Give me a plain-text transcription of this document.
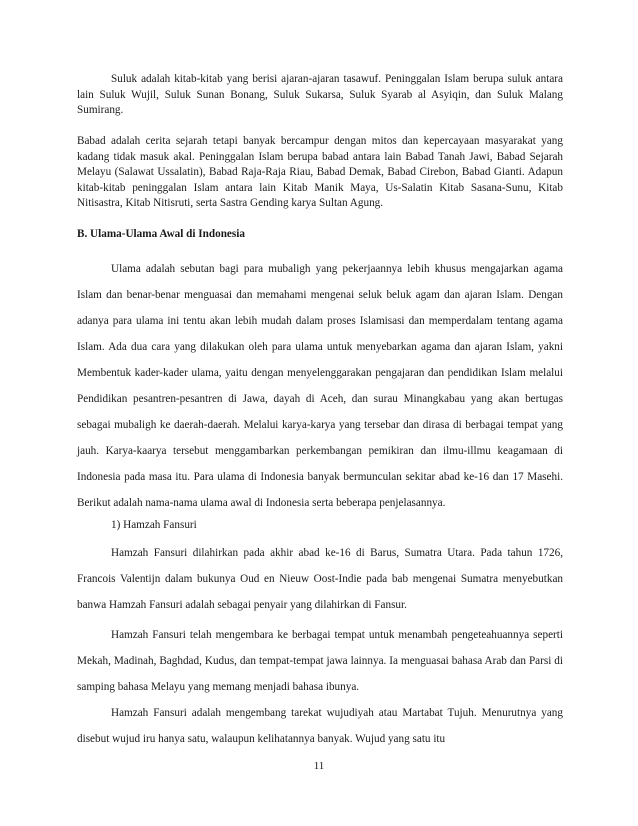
Suluk adalah kitab-kitab yang berisi ajaran-ajaran tasawuf. Peninggalan Islam berupa suluk antara lain Suluk Wujil, Suluk Sunan Bonang, Suluk Sukarsa, Suluk Syarab al Asyiqin, dan Suluk Malang Sumirang.

Babad adalah cerita sejarah tetapi banyak bercampur dengan mitos dan kepercayaan masyarakat yang kadang tidak masuk akal. Peninggalan Islam berupa babad antara lain Babad Tanah Jawi, Babad Sejarah Melayu (Salawat Ussalatin), Babad Raja-Raja Riau, Babad Demak, Babad Cirebon, Babad Gianti. Adapun kitab-kitab peninggalan Islam antara lain Kitab Manik Maya, Us-Salatin Kitab Sasana-Sunu, Kitab Nitisastra, Kitab Nitisruti, serta Sastra Gending karya Sultan Agung.

B. Ulama-Ulama Awal di Indonesia

Ulama adalah sebutan bagi para mubaligh yang pekerjaannya lebih khusus mengajarkan agama Islam dan benar-benar menguasai dan memahami mengenai seluk beluk agam dan ajaran Islam. Dengan adanya para ulama ini tentu akan lebih mudah dalam proses Islamisasi dan memperdalam tentang agama Islam. Ada dua cara yang dilakukan oleh para ulama untuk menyebarkan agama dan ajaran Islam, yakni Membentuk kader-kader ulama, yaitu dengan menyelenggarakan pengajaran dan pendidikan Islam melalui Pendidikan pesantren-pesantren di Jawa, dayah di Aceh, dan surau Minangkabau yang akan bertugas sebagai mubaligh ke daerah-daerah. Melalui karya-karya yang tersebar dan dirasa di berbagai tempat yang jauh. Karya-kaarya tersebut menggambarkan perkembangan pemikiran dan ilmu-illmu keagamaan di Indonesia pada masa itu. Para ulama di Indonesia banyak bermunculan sekitar abad ke-16 dan 17 Masehi. Berikut adalah nama-nama ulama awal di Indonesia serta beberapa penjelasannya.

1) Hamzah Fansuri

Hamzah Fansuri dilahirkan pada akhir abad ke-16 di Barus, Sumatra Utara. Pada tahun 1726, Francois Valentijn dalam bukunya Oud en Nieuw Oost-Indie pada bab mengenai Sumatra menyebutkan banwa Hamzah Fansuri adalah sebagai penyair yang dilahirkan di Fansur.

Hamzah Fansuri telah mengembara ke berbagai tempat untuk menambah pengeteahuannya seperti Mekah, Madinah, Baghdad, Kudus, dan tempat-tempat jawa lainnya. Ia menguasai bahasa Arab dan Parsi di samping bahasa Melayu yang memang menjadi bahasa ibunya.

Hamzah Fansuri adalah mengembang tarekat wujudiyah atau Martabat Tujuh. Menurutnya yang disebut wujud iru hanya satu, walaupun kelihatannya banyak. Wujud yang satu itu

11
